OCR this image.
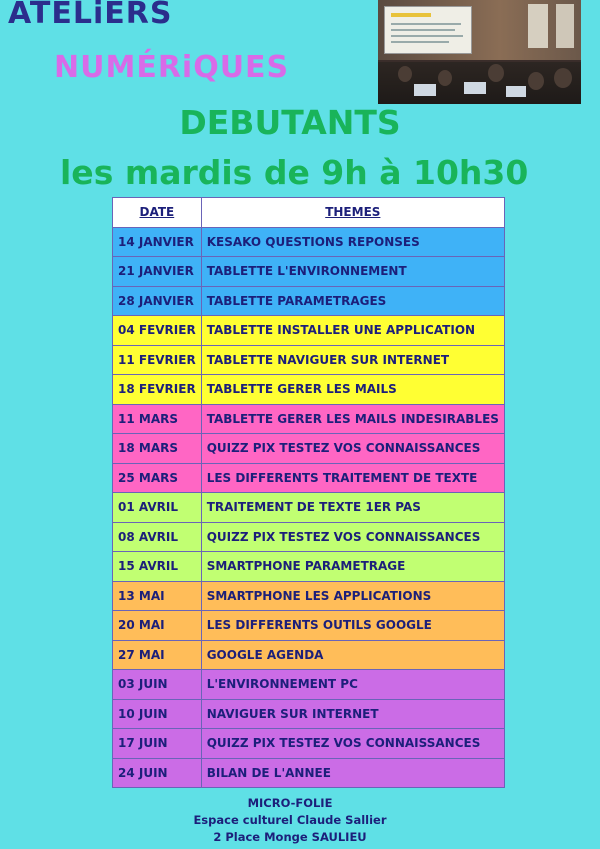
ATELiERS
NUMÉRiQUES
DEBUTANTS
les mardis de 9h à 10h30
DATE	THEMES
14 JANVIER	KESAKO QUESTIONS REPONSES
21 JANVIER	TABLETTE L'ENVIRONNEMENT
28 JANVIER	TABLETTE PARAMETRAGES
04 FEVRIER	TABLETTE INSTALLER UNE APPLICATION
11 FEVRIER	TABLETTE NAVIGUER SUR INTERNET
18 FEVRIER	TABLETTE GERER LES MAILS
11 MARS	TABLETTE GERER LES MAILS INDESIRABLES
18 MARS	QUIZZ PIX TESTEZ VOS CONNAISSANCES
25 MARS	LES DIFFERENTS TRAITEMENT DE TEXTE
01 AVRIL	TRAITEMENT DE TEXTE 1ER PAS
08 AVRIL	QUIZZ PIX TESTEZ VOS CONNAISSANCES
15 AVRIL	SMARTPHONE PARAMETRAGE
13 MAI	SMARTPHONE LES APPLICATIONS
20 MAI	LES DIFFERENTS OUTILS GOOGLE
27 MAI	GOOGLE AGENDA
03 JUIN	L'ENVIRONNEMENT PC
10 JUIN	NAVIGUER SUR INTERNET
17 JUIN	QUIZZ PIX TESTEZ VOS CONNAISSANCES
24 JUIN	BILAN DE L'ANNEE
MICRO-FOLIE
Espace culturel Claude Sallier
2 Place Monge SAULIEU
